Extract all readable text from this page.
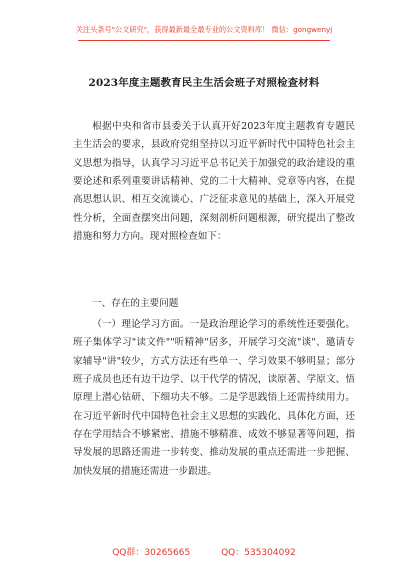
关注头条号"公文研究"，获得最新最全最专业的公文资料库！ 微信：gongwenyj
2023年度主题教育民主生活会班子对照检查材料

根据中央和省市县委关于认真开好2023年度主题教育专题民主生活会的要求，县政府党组坚持以习近平新时代中国特色社会主义思想为指导，认真学习习近平总书记关于加强党的政治建设的重要论述和系列重要讲话精神、党的二十大精神、党章等内容，在提高思想认识、相互交流谈心、广泛征求意见的基础上，深入开展党性分析，全面查摆突出问题，深刻剖析问题根源，研究提出了整改措施和努力方向。现对照检查如下：

一、存在的主要问题

（一）理论学习方面。一是政治理论学习的系统性还要强化。班子集体学习"读文件""听精神"居多，开展学习交流"谈"、邀请专家辅导"讲"较少，方式方法还有些单一、学习效果不够明显；部分班子成员也还有边干边学、以干代学的情况，读原著、学原文、悟原理上潜心钻研、下细功夫不够。二是学思践悟上还需持续用力。在习近平新时代中国特色社会主义思想的实践化、具体化方面，还存在学用结合不够紧密、措施不够精准、成效不够显著等问题，指导发展的思路还需进一步转变、推动发展的重点还需进一步把握、加快发展的措施还需进一步跟进。

QQ群：30265665	QQ：535304092
